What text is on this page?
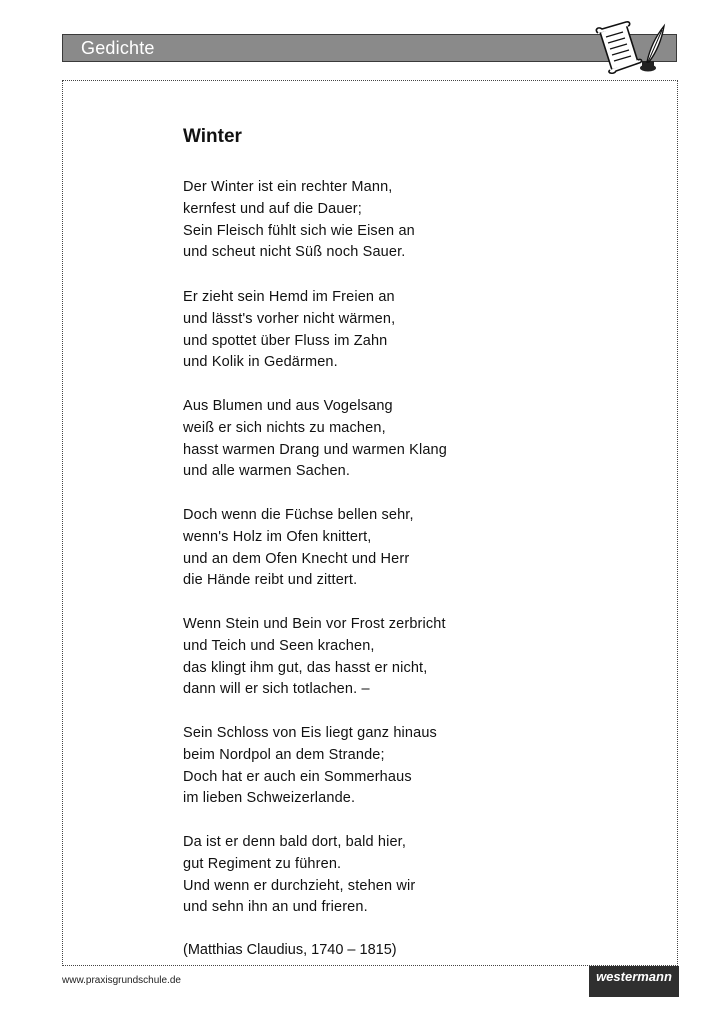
Gedichte
Winter
Der Winter ist ein rechter Mann,
kernfest und auf die Dauer;
Sein Fleisch fühlt sich wie Eisen an
und scheut nicht Süß noch Sauer.
Er zieht sein Hemd im Freien an
und lässt's vorher nicht wärmen,
und spottet über Fluss im Zahn
und Kolik in Gedärmen.
Aus Blumen und aus Vogelsang
weiß er sich nichts zu machen,
hasst warmen Drang und warmen Klang
und alle warmen Sachen.
Doch wenn die Füchse bellen sehr,
wenn's Holz im Ofen knittert,
und an dem Ofen Knecht und Herr
die Hände reibt und zittert.
Wenn Stein und Bein vor Frost zerbricht
und Teich und Seen krachen,
das klingt ihm gut, das hasst er nicht,
dann will er sich totlachen. –
Sein Schloss von Eis liegt ganz hinaus
beim Nordpol an dem Strande;
Doch hat er auch ein Sommerhaus
im lieben Schweizerlande.
Da ist er denn bald dort, bald hier,
gut Regiment zu führen.
Und wenn er durchzieht, stehen wir
und sehn ihn an und frieren.
(Matthias Claudius, 1740 – 1815)
www.praxisgrundschule.de	westermann
